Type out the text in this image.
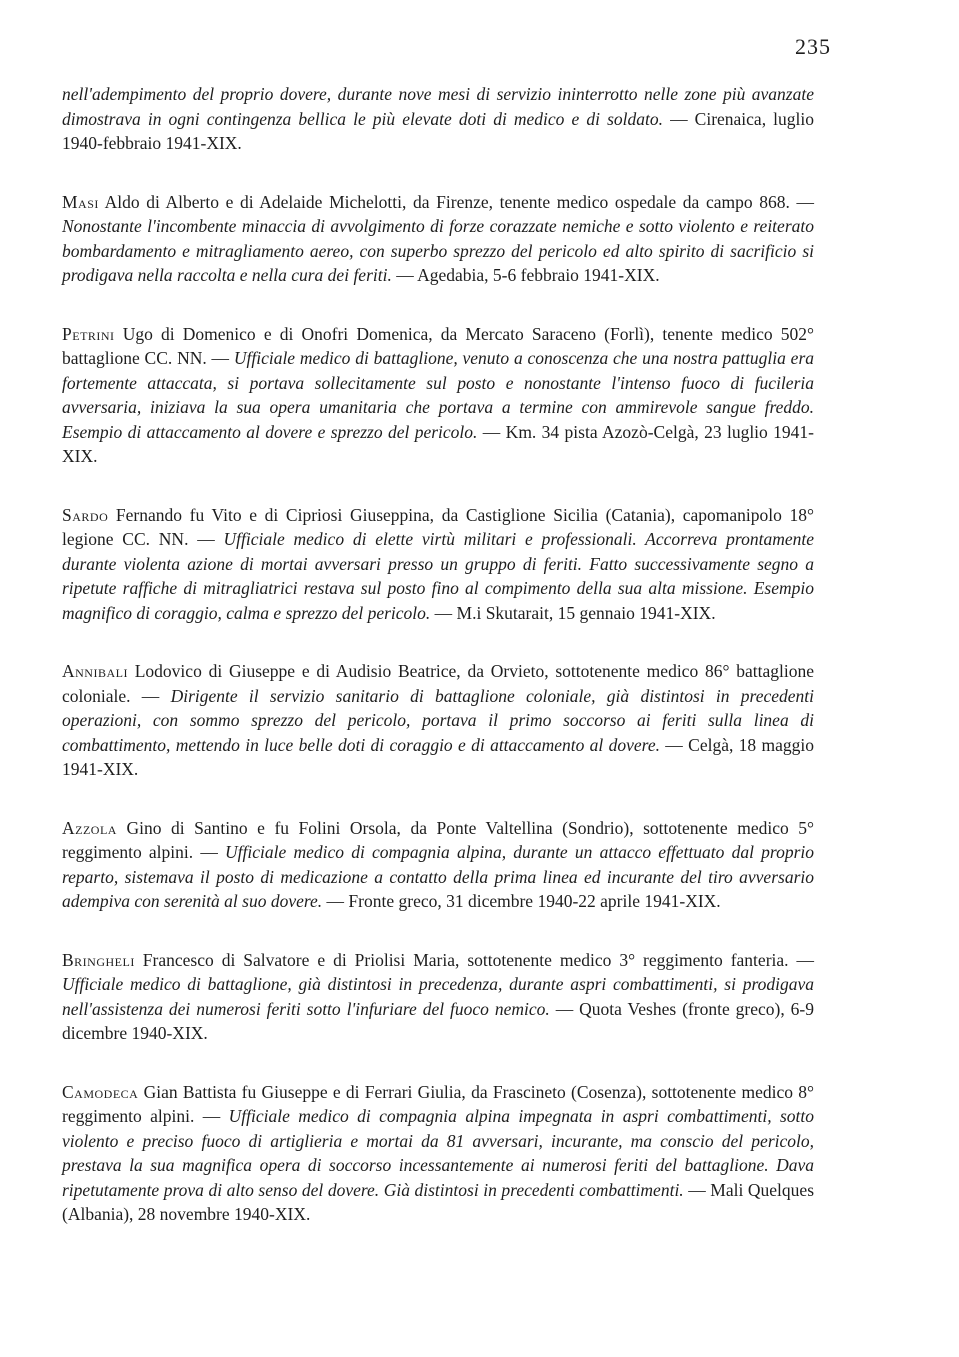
235

nell'adempimento del proprio dovere, durante nove mesi di servizio ininterrotto nelle zone più avanzate dimostrava in ogni contingenza bellica le più elevate doti di medico e di soldato. — Cirenaica, luglio 1940-febbraio 1941-XIX.

Masi Aldo di Alberto e di Adelaide Michelotti, da Firenze, tenente medico ospedale da campo 868. — Nonostante l'incombente minaccia di avvolgimento di forze corazzate nemiche e sotto violento e reiterato bombardamento e mitragliamento aereo, con superbo sprezzo del pericolo ed alto spirito di sacrificio si prodigava nella raccolta e nella cura dei feriti. — Agedabia, 5-6 febbraio 1941-XIX.

Petrini Ugo di Domenico e di Onofri Domenica, da Mercato Saraceno (Forlì), tenente medico 502° battaglione CC. NN. — Ufficiale medico di battaglione, venuto a conoscenza che una nostra pattuglia era fortemente attaccata, si portava sollecitamente sul posto e nonostante l'intenso fuoco di fucileria avversaria, iniziava la sua opera umanitaria che portava a termine con ammirevole sangue freddo. Esempio di attaccamento al dovere e sprezzo del pericolo. — Km. 34 pista Azozò-Celgà, 23 luglio 1941-XIX.

Sardo Fernando fu Vito e di Cipriosi Giuseppina, da Castiglione Sicilia (Catania), capomanipolo 18° legione CC. NN. — Ufficiale medico di elette virtù militari e professionali. Accorreva prontamente durante violenta azione di mortai avversari presso un gruppo di feriti. Fatto successivamente segno a ripetute raffiche di mitragliatrici restava sul posto fino al compimento della sua alta missione. Esempio magnifico di coraggio, calma e sprezzo del pericolo. — M.i Skutarait, 15 gennaio 1941-XIX.

Annibali Lodovico di Giuseppe e di Audisio Beatrice, da Orvieto, sottotenente medico 86° battaglione coloniale. — Dirigente il servizio sanitario di battaglione coloniale, già distintosi in precedenti operazioni, con sommo sprezzo del pericolo, portava il primo soccorso ai feriti sulla linea di combattimento, mettendo in luce belle doti di coraggio e di attaccamento al dovere. — Celgà, 18 maggio 1941-XIX.

Azzola Gino di Santino e fu Folini Orsola, da Ponte Valtellina (Sondrio), sottotenente medico 5° reggimento alpini. — Ufficiale medico di compagnia alpina, durante un attacco effettuato dal proprio reparto, sistemava il posto di medicazione a contatto della prima linea ed incurante del tiro avversario adempiva con serenità al suo dovere. — Fronte greco, 31 dicembre 1940-22 aprile 1941-XIX.

Bringheli Francesco di Salvatore e di Priolisi Maria, sottotenente medico 3° reggimento fanteria. — Ufficiale medico di battaglione, già distintosi in precedenza, durante aspri combattimenti, si prodigava nell'assistenza dei numerosi feriti sotto l'infuriare del fuoco nemico. — Quota Veshes (fronte greco), 6-9 dicembre 1940-XIX.

Camodeca Gian Battista fu Giuseppe e di Ferrari Giulia, da Frascineto (Cosenza), sottotenente medico 8° reggimento alpini. — Ufficiale medico di compagnia alpina impegnata in aspri combattimenti, sotto violento e preciso fuoco di artiglieria e mortai da 81 avversari, incurante, ma conscio del pericolo, prestava la sua magnifica opera di soccorso incessantemente ai numerosi feriti del battaglione. Dava ripetutamente prova di alto senso del dovere. Già distintosi in precedenti combattimenti. — Mali Quelques (Albania), 28 novembre 1940-XIX.
